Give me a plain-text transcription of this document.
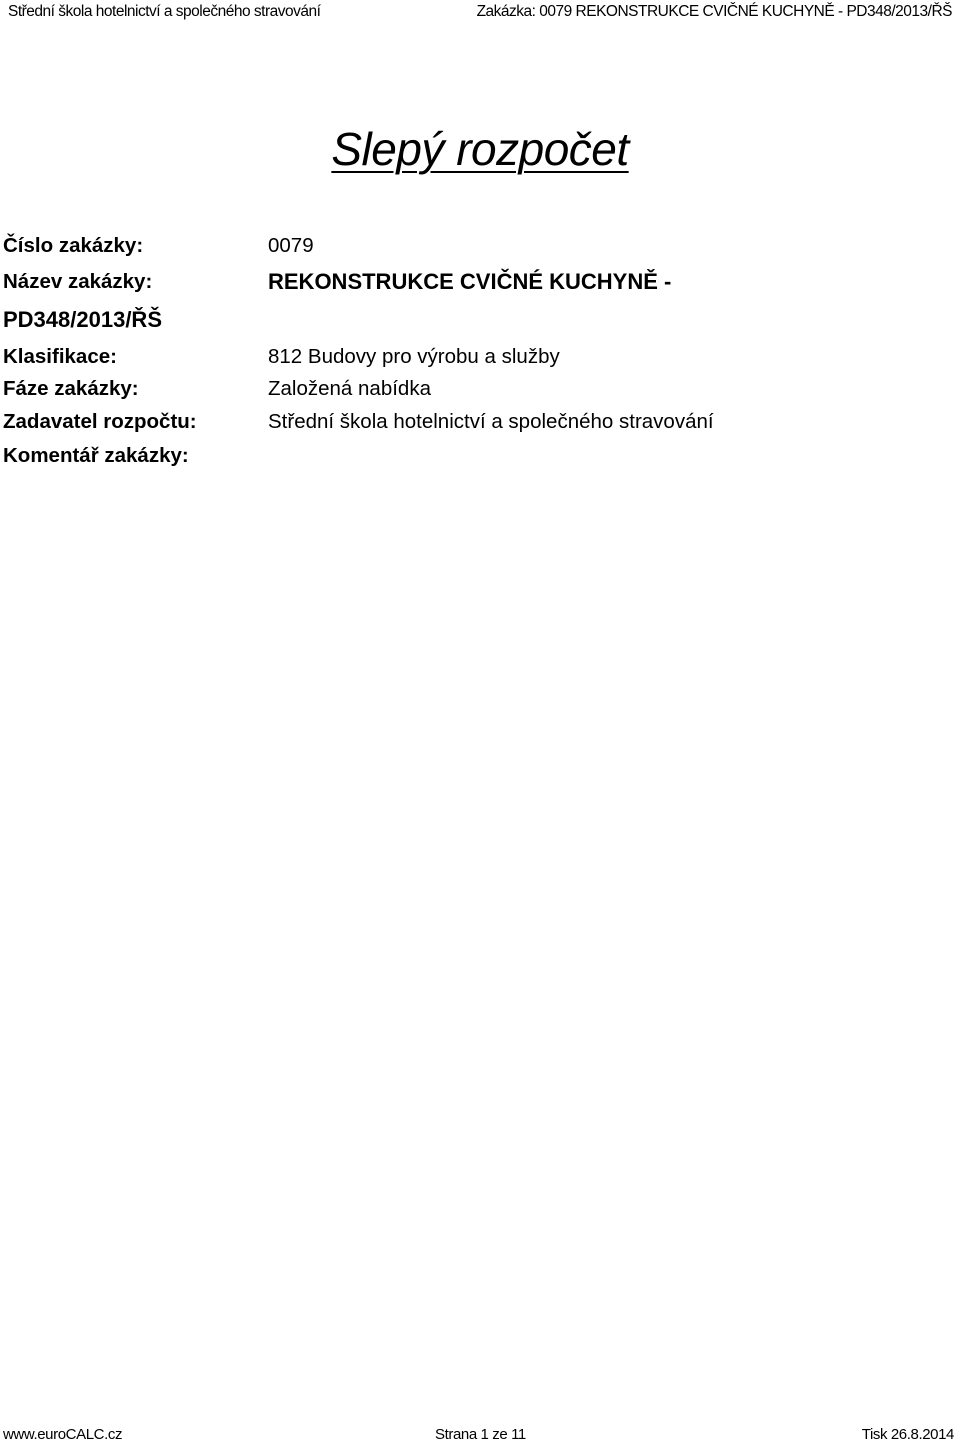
Střední škola hotelnictví a společného stravování	Zakázka: 0079 REKONSTRUKCE CVIČNÉ KUCHYNĚ - PD348/2013/ŘŠ
Slepý rozpočet
Číslo zakázky:	0079
Název zakázky:	REKONSTRUKCE CVIČNÉ KUCHYNĚ -
PD348/2013/ŘŠ
Klasifikace:	812 Budovy pro výrobu a služby
Fáze zakázky:	Založená nabídka
Zadavatel rozpočtu:	Střední škola hotelnictví a společného stravování
Komentář zakázky:
www.euroCALC.cz	Strana 1 ze 11	Tisk 26.8.2014
